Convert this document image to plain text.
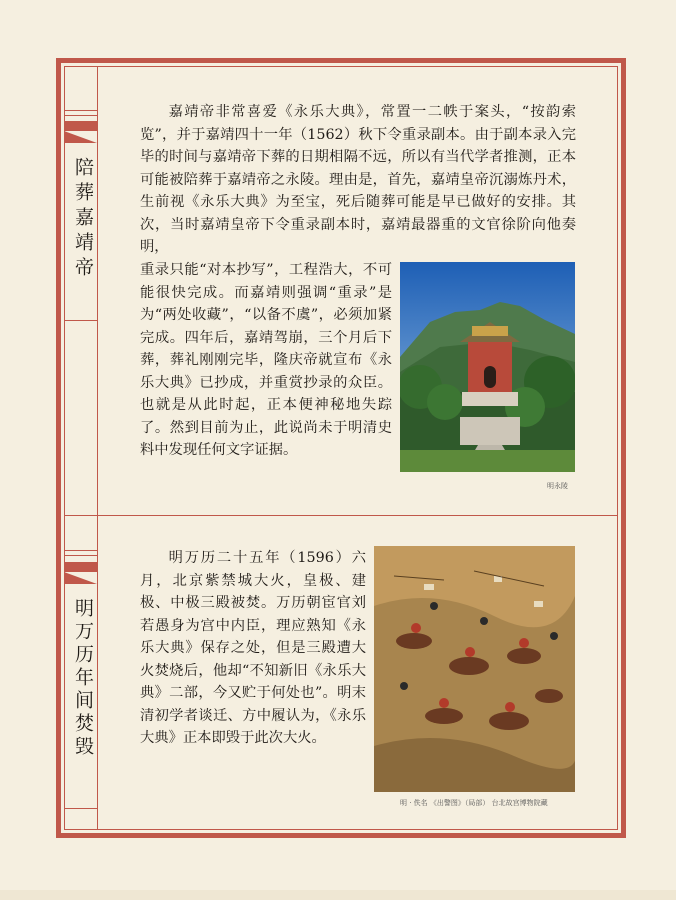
陪葬嘉靖帝
明万历年间焚毁

嘉靖帝非常喜爱《永乐大典》，常置一二帙于案头，“按韵索览”，并于嘉靖四十一年（1562）秋下令重录副本。由于副本录入完毕的时间与嘉靖帝下葬的日期相隔不远，所以有当代学者推测，正本可能被陪葬于嘉靖帝之永陵。理由是，首先，嘉靖皇帝沉溺炼丹术，生前视《永乐大典》为至宝，死后随葬可能是早已做好的安排。其次，当时嘉靖皇帝下令重录副本时，嘉靖最器重的文官徐阶向他奏明，

重录只能“对本抄写”，工程浩大，不可能很快完成。而嘉靖则强调“重录”是为“两处收藏”，“以备不虞”，必须加紧完成。四年后，嘉靖驾崩，三个月后下葬，葬礼刚刚完毕，隆庆帝就宣布《永乐大典》已抄成，并重赏抄录的众臣。也就是从此时起，正本便神秘地失踪了。然到目前为止，此说尚未于明清史料中发现任何文字证据。

明永陵

明万历二十五年（1596）六月，北京紫禁城大火，皇极、建极、中极三殿被焚。万历朝宦官刘若愚身为宫中内臣，理应熟知《永乐大典》保存之处，但是三殿遭大火焚烧后，他却“不知新旧《永乐大典》二部，今又贮于何处也”。明末清初学者谈迁、方中履认为，《永乐大典》正本即毁于此次大火。

明 · 佚名 《出警图》（局部） 台北故宫博物院藏
